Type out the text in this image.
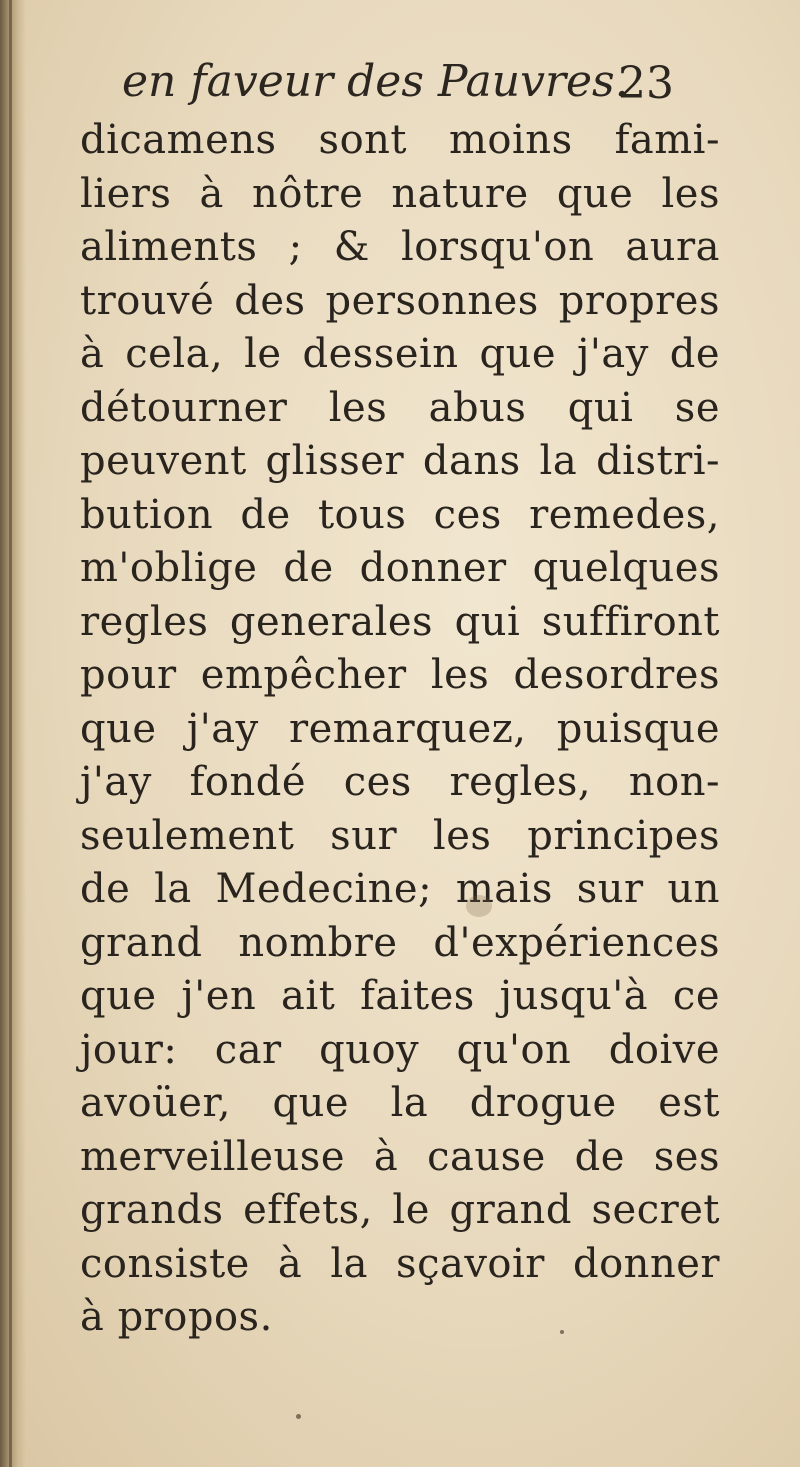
en faveur des Pauvres.
23
dicamens sont moins fami-
liers à nôtre nature que les
aliments ; & lorsqu'on aura
trouvé des personnes propres
à cela, le dessein que j'ay de
détourner les abus qui se
peuvent glisser dans la distri-
bution de tous ces remedes,
m'oblige de donner quelques
regles generales qui suffiront
pour empêcher les desordres
que j'ay remarquez, puisque
j'ay fondé ces regles, non-
seulement sur les principes
de la Medecine; mais sur un
grand nombre d'expériences
que j'en ait faites jusqu'à ce
jour: car quoy qu'on doive
avoüer, que la drogue est
merveilleuse à cause de ses
grands effets, le grand secret
consiste à la sçavoir donner
à propos.
